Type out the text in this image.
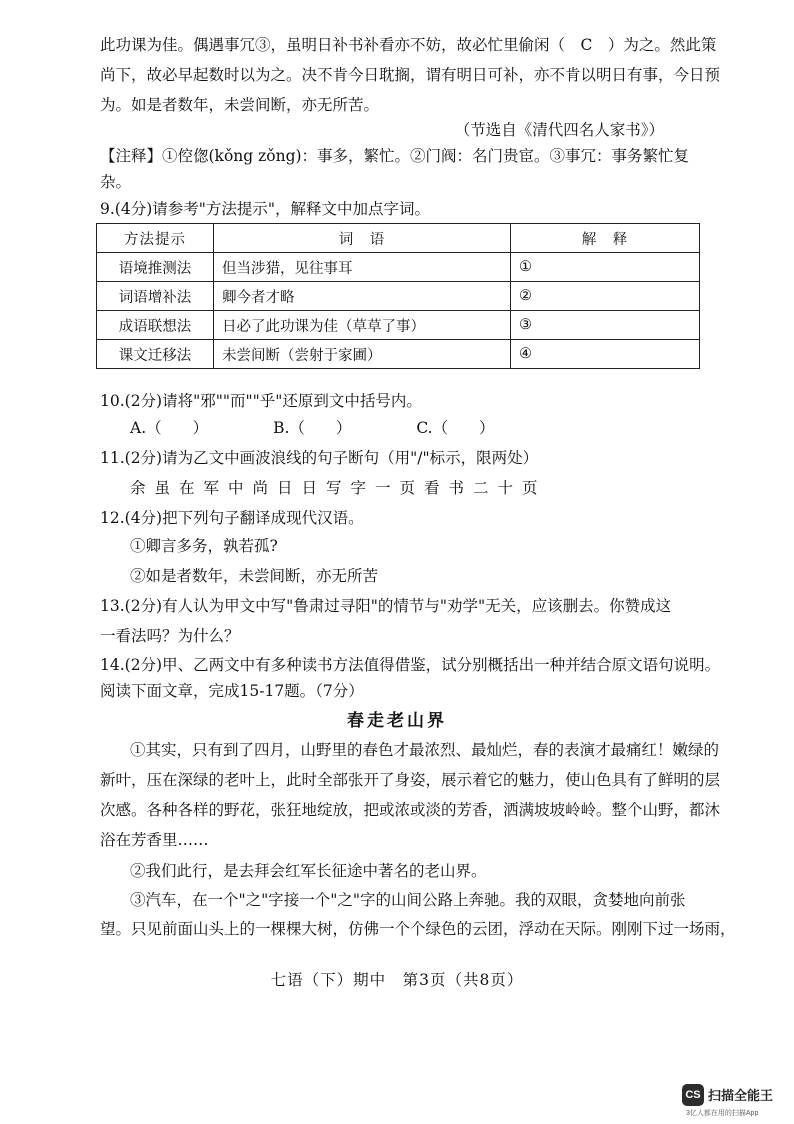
此功课为佳。偶遇事冗③，虽明日补书补看亦不妨，故必忙里偷闲（　C　）为之。然此策
尚下，故必早起数时以为之。决不肯今日耽搁，谓有明日可补，亦不肯以明日有事，今日预
为。如是者数年，未尝间断，亦无所苦。
（节选自《清代四名人家书》）
【注释】①倥偬(kǒng zǒng)：事多，繁忙。②门阀：名门贵宦。③事冗：事务繁忙复
杂。
9.(4分)请参考"方法提示"，解释文中加点字词。
方法提示	词　语	解　释
语境推测法	但当涉猎，见往事耳	①
词语增补法	卿今者才略	②
成语联想法	日必了此功课为佳（草草了事）	③
课文迁移法	未尝间断（尝射于家圃）	④
10.(2分)请将"邪""而""乎"还原到文中括号内。
A.（　　）	B.（　　）	C.（　　）
11.(2分)请为乙文中画波浪线的句子断句（用"/"标示，限两处）
余虽在军中尚日日写字一页看书二十页
12.(4分)把下列句子翻译成现代汉语。
①卿言多务，孰若孤?
②如是者数年，未尝间断，亦无所苦
13.(2分)有人认为甲文中写"鲁肃过寻阳"的情节与"劝学"无关，应该删去。你赞成这
一看法吗？为什么？
14.(2分)甲、乙两文中有多种读书方法值得借鉴，试分别概括出一种并结合原文语句说明。
阅读下面文章，完成15-17题。（7分）
春走老山界
①其实，只有到了四月，山野里的春色才最浓烈、最灿烂，春的表演才最痛红！嫩绿的
新叶，压在深绿的老叶上，此时全部张开了身姿，展示着它的魅力，使山色具有了鲜明的层
次感。各种各样的野花，张狂地绽放，把或浓或淡的芳香，洒满坡坡岭岭。整个山野，都沐
浴在芳香里……
②我们此行，是去拜会红军长征途中著名的老山界。
③汽车，在一个"之"字接一个"之"字的山间公路上奔驰。我的双眼，贪婪地向前张
望。只见前面山头上的一棵棵大树，仿佛一个个绿色的云团，浮动在天际。刚刚下过一场雨，
七语（下）期中　第3页（共8页）
CS 扫描全能王
3亿人都在用的扫描App
